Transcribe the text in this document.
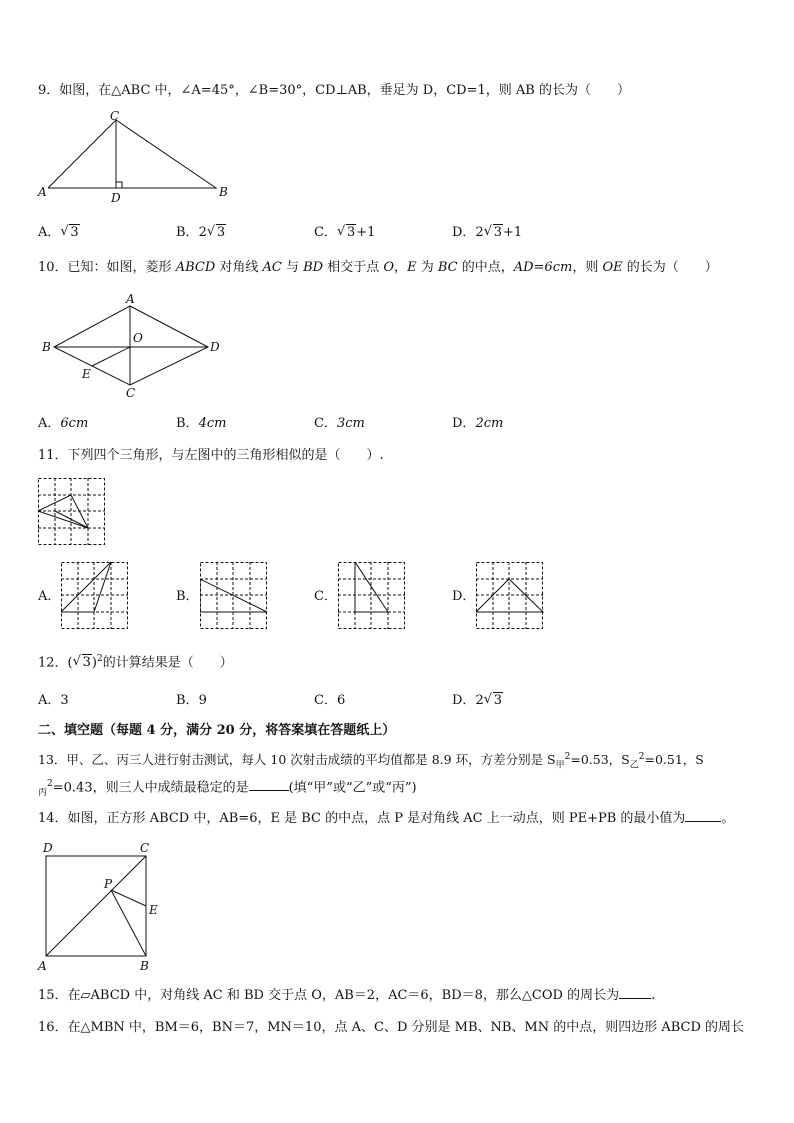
9．如图，在△ABC 中，∠A=45°，∠B=30°，CD⊥AB，垂足为 D，CD=1，则 AB 的长为（　　）
C
A	B
D
A． √ 3	B．2 √ 3	C． √ 3+1	D．2 √ 3+1
10．已知：如图，菱形 ABCD 对角线 AC 与 BD 相交于点 O，E 为 BC 的中点，AD=6cm，则 OE 的长为（　　）
A
B	D
C
O
E
A．6cm	B．4cm	C．3cm	D．2cm
11．下列四个三角形，与左图中的三角形相似的是（　　）.
A．	B．	C．	D．
12．( √ 3)$^2$的计算结果是（　　）
A．3	B．9	C．6	D．2 √ 3
二、填空题（每题 4 分，满分 20 分，将答案填在答题纸上）
13．甲、乙、丙三人进行射击测试，每人 10 次射击成绩的平均值都是 8.9 环，方差分别是 $S_甲^2=0.53$，$S_乙^2=0.51$，S
$_丙^2$=0.43，则三人中成绩最稳定的是	(填“甲”或“乙”或“丙”)
14．如图，正方形 ABCD 中，AB=6，E 是 BC 的中点，点 P 是对角线 AC 上一动点，则 PE+PB 的最小值为	。
D	C
A	B
P
E
15．在▱ABCD 中，对角线 AC 和 BD 交于点 O，AB＝2，AC＝6，BD＝8，那么△COD 的周长为 .
16．在△MBN 中，BM＝6，BN＝7，MN＝10，点 A、C、D 分别是 MB、NB、MN 的中点，则四边形 ABCD 的周长
